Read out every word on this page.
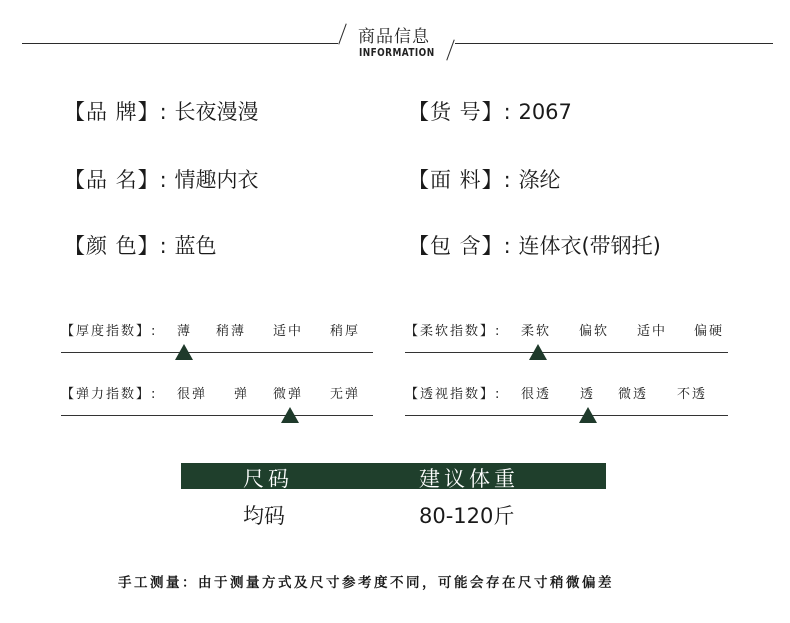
商品信息
INFORMATION
【品 牌】: 长夜漫漫	【货 号】: 2067
【品 名】: 情趣内衣	【面 料】: 涤纶
【颜 色】: 蓝色	【包 含】: 连体衣(带钢托)
【厚度指数】: 薄 稍薄 适中 稍厚	【柔软指数】: 柔软 偏软 适中 偏硬
【弹力指数】: 很弹 弹 微弹 无弹	【透视指数】: 很透 透 微透 不透
尺码	建议体重
均码	80-120斤
手工测量：由于测量方式及尺寸参考度不同，可能会存在尺寸稍微偏差
